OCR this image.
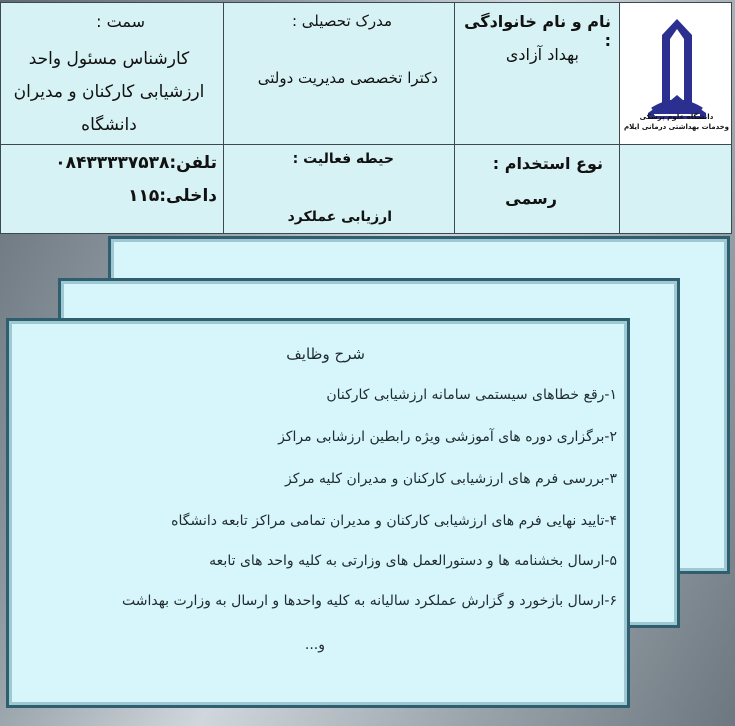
دانشگاه علوم پزشکی
وخدمات بهداشتی درمانی ایلام
نام و نام خانوادگی :
بهداد آزادی
مدرک تحصیلی :
دکترا تخصصی مدیریت دولتی
سمت :
کارشناس مسئول واحد ارزشیابی کارکنان و مدیران دانشگاه
نوع استخدام :
رسمی
حیطه فعالیت :
ارزیابی عملکرد
تلفن:۰۸۴۳۳۳۳۷۵۳۸
داخلی:۱۱۵
شرح وظایف
۱-رقع خطاهای سیستمی سامانه ارزشیابی کارکنان
۲-برگزاری دوره های آموزشی ویژه رابطین ارزشابی مراکز
۳-بررسی فرم های ارزشیابی کارکنان و مدیران کلیه مرکز
۴-تایید نهایی فرم های ارزشیابی کارکنان و مدیران تمامی مراکز تابعه دانشگاه
۵-ارسال بخشنامه ها و دستورالعمل های وزارتی به کلیه واحد های تابعه
۶-ارسال بازخورد و گزارش عملکرد سالیانه به کلیه واحدها و ارسال به وزارت بهداشت
و...
